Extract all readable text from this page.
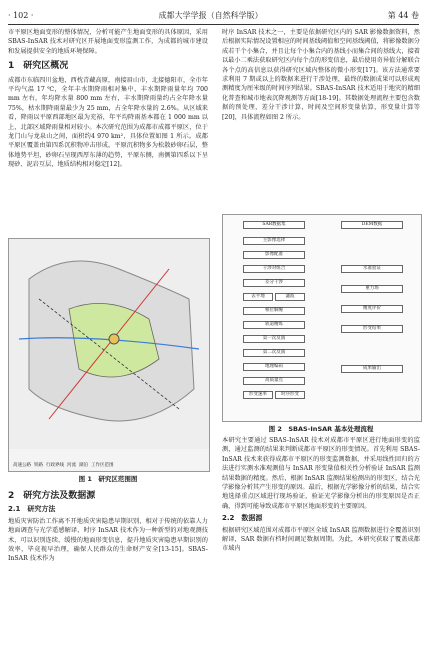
· 102 ·	成都大学学报（自然科学版）	第 44 卷

市平原区地面变形的整体情况，分析可能产生地面变形的具体原因，采用 SBAS-InSAR 技术对研究区开展地面变形监测工作，为成都的城市建设和发展提供安全的地质环境保障。

1　研究区概况

成都市东临四川盆地，西枕青藏高原，南接眉山市，北接德阳市，全市年平均气温 17 ℃，全年丰水期降雨相对集中，丰水期降雨量年均 700 mm 左右，年均降水量 800 mm 左右，丰水期降雨量约占全年降水量75%，枯水期降雨量最少为 25 mm，占全年降水量的 2.6%。从区域来看，降雨以平原西部地区最为充裕，年平均降雨基本都在 1 000 mm 以上，北部区域降雨量相对较小。本次研究范围为成都市成都平原区，位于龙门山与龙泉山之间，面积约4 970 km²，具体位置如图 1 所示。成都平原区覆盖由第四系沉积物冲击形成，平原沉积物多为松散砂卵石层，整体地势平坦，砂卵石呈现西厚东薄的趋势，平原东侧，南侧第四系以下呈现砂、泥岩互层，地质结构相对稳定[12]。

高速公路 铁路 行政界线 河流 湖泊 工作区范围
图 1　研究区范围图
2　研究方法及数据源
2.1　研究方法

地质灾害防治工作离不开地质灾害隐患早期识别，相对于传统的依靠人力地面调查与光学遥感解译，时序 InSAR 技术作为一种新型的对地观测技术，可以识别连续、缓慢的地面形变信息，提升地质灾害隐患早期识别的效率，毕竟视早治理，确保人民群众的生命财产安全[13-15]。SBAS-InSAR 技术作为

时序 InSAR 技术之一，主要是依据研究区内的 SAR 影像数据资料，然后根据实际情况设置相应的时间基线阈值和空间基线阈值，将影像数据分成若干个小集合，并且让每个小集合内的基线小而集合间的基线大，接着以最小二乘法获取研究区内每个点的形变信息，最后使用奇异值分解联合各个点的高信息以获得研究区域内整体的微小形变[17]。该方法通常要求利用 7 期或以上的数据来进行干涉处理，最终的数据成果可以形成观测精度为厘米级的时间序列结果。SBAS-InSAR 技术适用于地灾的精细化普查和城市地表沉降观测等方面[18-19]。其数据处理流程主要包含数据的预处理，差分干涉计算，时间及空间形变量估算，形变量计算等[20]，具体流程如图 2 所示。

SAR数据集	DEM数据
主影像选择
影像配准
干涉对组合
差分干涉
去平地	滤波
相位解缠
轨道精炼
第一次反演
第二次反演
地理编码
高质量点
形变速率	时序形变
水准验证
重力场
精度评价
形变结果
成果输出
图 2　SBAS-InSAR 基本处理流程

本研究主要通过 SBAS-InSAR 技术对成都市平原区进行地面形变的监测，通过监测的结果来判断成都市平原区的形变情况。首先利用 SBAS-InSAR 技术来获得成都市平原区的形变监测数据，并采用线性回归的方法进行实测水准观测值与 InSAR 形变量值相关性分析验证 InSAR 监测结果数据的精度。然后，根据 InSAR 监测结果检测出的形变区，结合光学影像分析其产生形变的原因。最后，根据光学影像分析的结果，结合实地选择重点区域进行现场验证，验证光学影像分析出的形变原因是否正确，得到可能导致成都市平原区地面形变的主要原因。

2.2　数据源

根据研究区域范围对成都市平原区全域 InSAR 监测数据进行全覆盖识别解译，SAR 数据有档时间调足数据周期。为此，本研究获取了覆盖成都市域内
